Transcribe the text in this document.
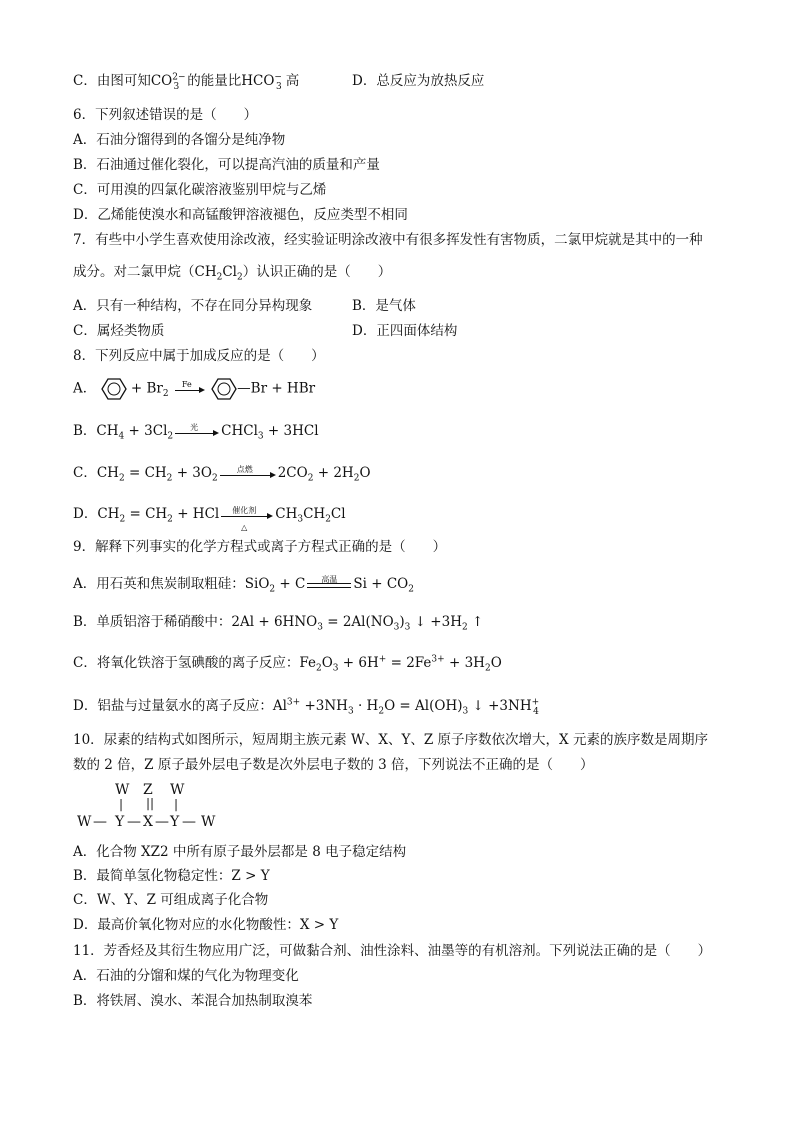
C．由图可知$CO^{2-}_3$ 的能量比$HCO^-_3$ 高	D．总反应为放热反应
6．下列叙述错误的是（　　）
A．石油分馏得到的各馏分是纯净物
B．石油通过催化裂化，可以提高汽油的质量和产量
C．可用溴的四氯化碳溶液鉴别甲烷与乙烯
D．乙烯能使溴水和高锰酸钾溶液褪色，反应类型不相同
7．有些中小学生喜欢使用涂改液，经实验证明涂改液中有很多挥发性有害物质，二氯甲烷就是其中的一种
成分。对二氯甲烷$(CH_2Cl_2)$认识正确的是（　　）
A．只有一种结构，不存在同分异构现象	B．是气体
C．属烃类物质	D．正四面体结构
8．下列反应中属于加成反应的是（　　）
A．	+ $Br_2$
Fe	—Br + HBr
B．$CH_4 + 3Cl_2$
光	CHCl$_3$ + 3HCl
C．$CH_2 = CH_2 + 3O_2$
点燃	$2CO_2 + 2H_2O$
D．$CH_2 = CH_2$ + HCl	催化剂
△
$CH_3CH_2Cl$
9．解释下列事实的化学方程式或离子方程式正确的是（　　）
A．用石英和焦炭制取粗硅：SiO$_2$ + C	高温	$Si + CO_2$
B．单质铝溶于稀硝酸中：$2Al + 6HNO_3 = 2Al(NO_3)_3$ ↓ $+3H_2$ ↑
C．将氧化铁溶于氢碘酸的离子反应：$Fe_2O_3 + 6H^+ = 2Fe^{3+} + 3H_2O$
D．铝盐与过量氨水的离子反应：$Al^{3+} +3NH_3 \cdot H_2O = Al(OH)_3$ ↓ $+3NH^+_4$
10．尿素的结构式如图所示，短周期主族元素 W、X、Y、Z 原子序数依次增大，X 元素的族序数是周期序
数的 2 倍，Z 原子最外层电子数是次外层电子数的 3 倍，下列说法不正确的是（　　）
W Z W
| || |
W — Y — X — Y — W
A．化合物 XZ2 中所有原子最外层都是 8 电子稳定结构
B．最简单氢化物稳定性：Z > Y
C．W、Y、Z 可组成离子化合物
D．最高价氧化物对应的水化物酸性：X > Y
11．芳香烃及其衍生物应用广泛，可做黏合剂、油性涂料、油墨等的有机溶剂。下列说法正确的是（　　）
A．石油的分馏和煤的气化为物理变化
B．将铁屑、溴水、苯混合加热制取溴苯
